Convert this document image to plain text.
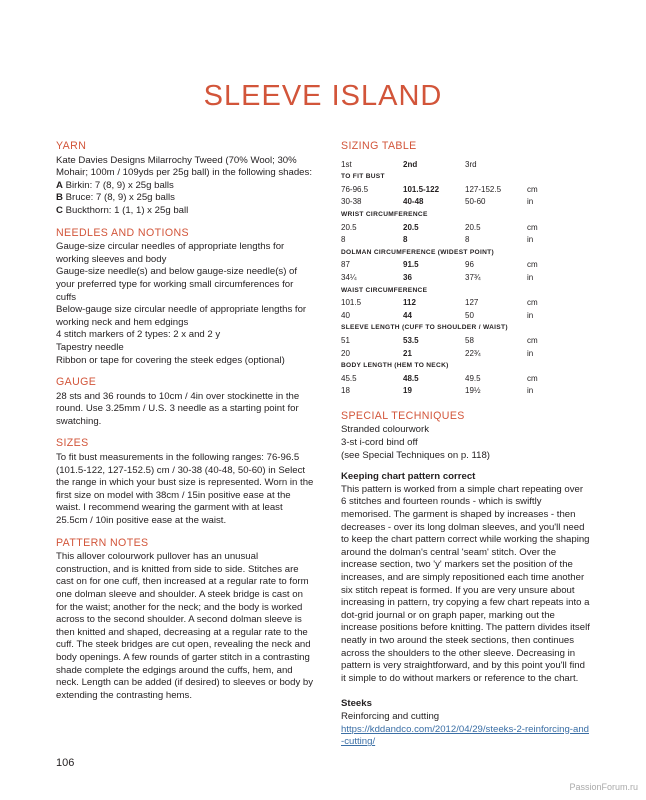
SLEEVE ISLAND
YARN

Kate Davies Designs Milarrochy Tweed (70% Wool; 30% Mohair; 100m / 109yds per 25g ball) in the following shades:

A Birkin: 7 (8, 9) x 25g balls

B Bruce: 7 (8, 9) x 25g balls

C Buckthorn: 1 (1, 1) x 25g ball

NEEDLES AND NOTIONS

Gauge-size circular needles of appropriate lengths for working sleeves and body

Gauge-size needle(s) and below gauge-size needle(s) of your preferred type for working small circumferences for cuffs

Below-gauge size circular needle of appropriate lengths for working neck and hem edgings

4 stitch markers of 2 types: 2 x and 2 y

Tapestry needle

Ribbon or tape for covering the steek edges (optional)

GAUGE

28 sts and 36 rounds to 10cm / 4in over stockinette in the round. Use 3.25mm / U.S. 3 needle as a starting point for swatching.

SIZES

To fit bust measurements in the following ranges: 76-96.5 (101.5-122, 127-152.5) cm / 30-38 (40-48, 50-60) in Select the range in which your bust size is represented. Worn in the first size on model with 38cm / 15in positive ease at the waist. I recommend wearing the garment with at least 25.5cm / 10in positive ease at the waist.

PATTERN NOTES

This allover colourwork pullover has an unusual construction, and is knitted from side to side. Stitches are cast on for one cuff, then increased at a regular rate to form one dolman sleeve and shoulder. A steek bridge is cast on for the waist; another for the neck; and the body is worked across to the second shoulder. A second dolman sleeve is then knitted and shaped, decreasing at a regular rate to the cuff. The steek bridges are cut open, revealing the neck and body openings. A few rounds of garter stitch in a contrasting shade complete the edgings around the cuffs, hem, and neck. Length can be added (if desired) to sleeves or body by extending the contrasting hems.

SIZING TABLE
1st	2nd	3rd	
TO FIT BUST			
76-96.5	101.5-122	127-152.5	cm
30-38	40-48	50-60	in
WRIST CIRCUMFERENCE			
20.5	20.5	20.5	cm
8	8	8	in
DOLMAN CIRCUMFERENCE (WIDEST POINT)			
87	91.5	96	cm
34¼	36	37¾	in
WAIST CIRCUMFERENCE			
101.5	112	127	cm
40	44	50	in
SLEEVE LENGTH (CUFF TO SHOULDER / WAIST)			
51	53.5	58	cm
20	21	22¾	in
BODY LENGTH (HEM TO NECK)			
45.5	48.5	49.5	cm
18	19	19½	in
SPECIAL TECHNIQUES

Stranded colourwork

3-st i-cord bind off

(see Special Techniques on p. 118)

Keeping chart pattern correct

This pattern is worked from a simple chart repeating over 6 stitches and fourteen rounds - which is swiftly memorised. The garment is shaped by increases - then decreases - over its long dolman sleeves, and you'll need to keep the chart pattern correct while working the shaping around the dolman's central 'seam' stitch. Over the increase section, two 'y' markers set the position of the increases, and are simply repositioned each time another six stitch repeat is formed. If you are very unsure about increasing in pattern, try copying a few chart repeats into a dot-grid journal or on graph paper, marking out the increase positions before knitting. The pattern divides itself neatly in two around the steek sections, then continues across the shoulders to the other sleeve. Decreasing in pattern is very straightforward, and by this point you'll find it simple to do without markers or reference to the chart.

Steeks

Reinforcing and cutting

https://kddandco.com/2012/04/29/steeks-2-reinforcing-and-cutting/

106
PassionForum.ru
